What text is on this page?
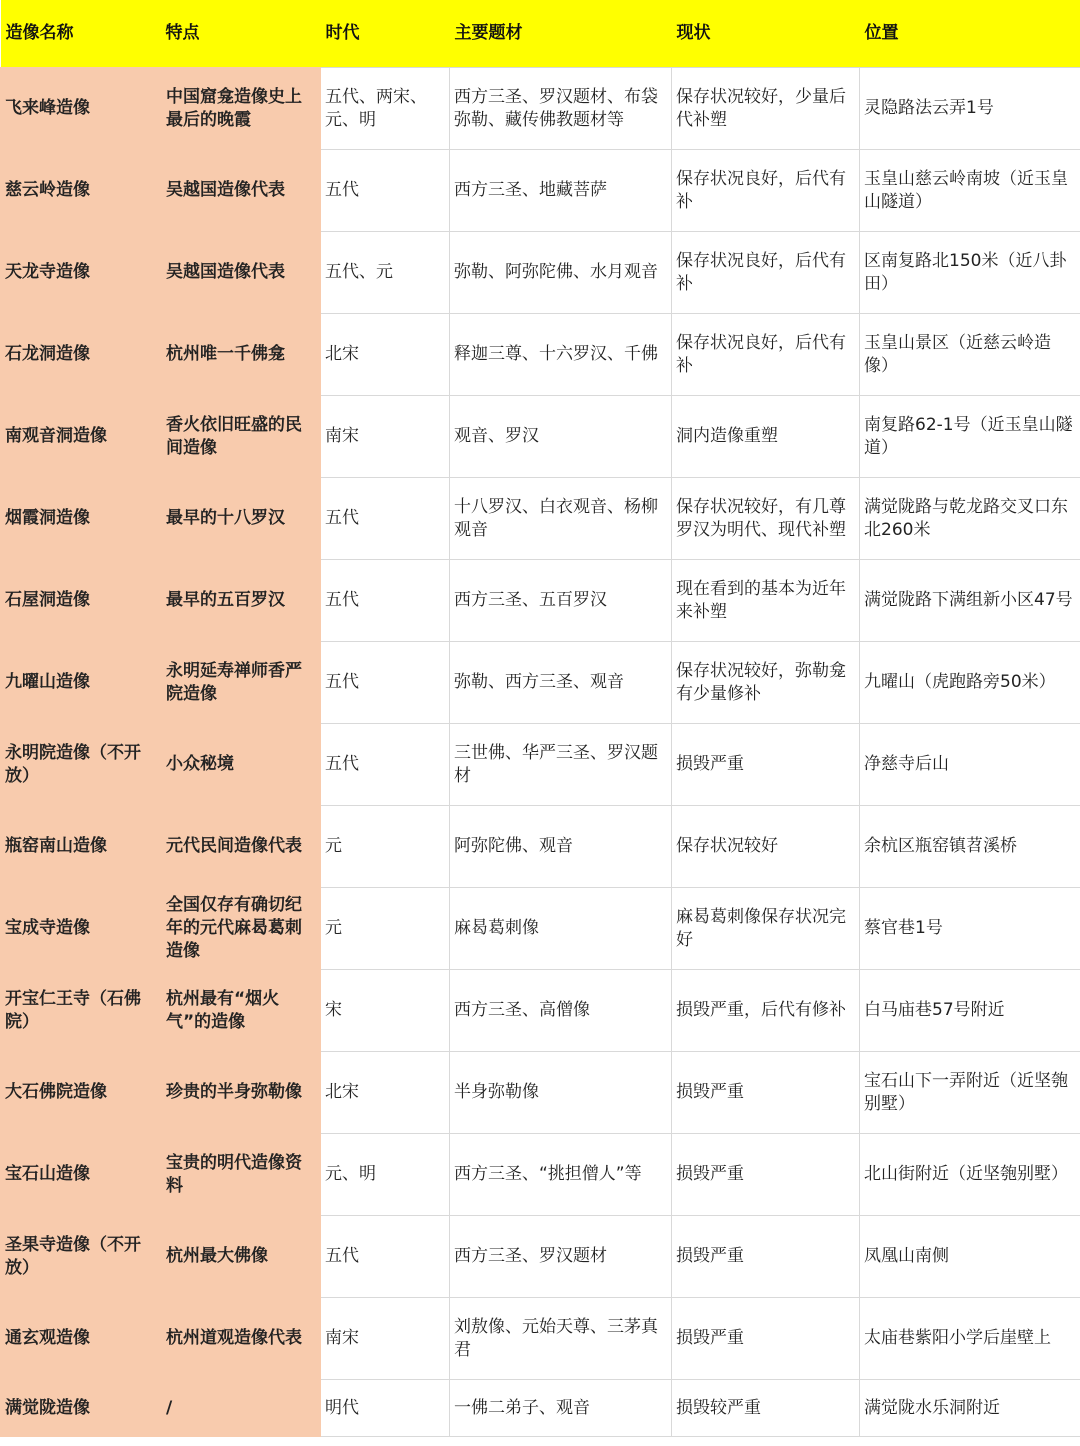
造像名称	特点	时代	主要题材	现状	位置
飞来峰造像	中国窟龛造像史上最后的晚霞	五代、两宋、元、明	西方三圣、罗汉题材、布袋弥勒、藏传佛教题材等	保存状况较好，少量后代补塑	灵隐路法云弄1号
慈云岭造像	吴越国造像代表	五代	西方三圣、地藏菩萨	保存状况良好，后代有补	玉皇山慈云岭南坡（近玉皇山隧道）
天龙寺造像	吴越国造像代表	五代、元	弥勒、阿弥陀佛、水月观音	保存状况良好，后代有补	区南复路北150米（近八卦田）
石龙洞造像	杭州唯一千佛龛	北宋	释迦三尊、十六罗汉、千佛	保存状况良好，后代有补	玉皇山景区（近慈云岭造像）
南观音洞造像	香火依旧旺盛的民间造像	南宋	观音、罗汉	洞内造像重塑	南复路62-1号（近玉皇山隧道）
烟霞洞造像	最早的十八罗汉	五代	十八罗汉、白衣观音、杨柳观音	保存状况较好，有几尊罗汉为明代、现代补塑	满觉陇路与乾龙路交叉口东北260米
石屋洞造像	最早的五百罗汉	五代	西方三圣、五百罗汉	现在看到的基本为近年来补塑	满觉陇路下满组新小区47号
九曜山造像	永明延寿禅师香严院造像	五代	弥勒、西方三圣、观音	保存状况较好，弥勒龛有少量修补	九曜山（虎跑路旁50米）
永明院造像（不开放）	小众秘境	五代	三世佛、华严三圣、罗汉题材	损毁严重	净慈寺后山
瓶窑南山造像	元代民间造像代表	元	阿弥陀佛、观音	保存状况较好	余杭区瓶窑镇苕溪桥
宝成寺造像	全国仅存有确切纪年的元代麻曷葛刺造像	元	麻曷葛刺像	麻曷葛刺像保存状况完好	蔡官巷1号
开宝仁王寺（石佛院）	杭州最有“烟火气”的造像	宋	西方三圣、高僧像	损毁严重，后代有修补	白马庙巷57号附近
大石佛院造像	珍贵的半身弥勒像	北宋	半身弥勒像	损毁严重	宝石山下一弄附近（近坚匏别墅）
宝石山造像	宝贵的明代造像资料	元、明	西方三圣、“挑担僧人”等	损毁严重	北山街附近（近坚匏别墅）
圣果寺造像（不开放）	杭州最大佛像	五代	西方三圣、罗汉题材	损毁严重	凤凰山南侧
通玄观造像	杭州道观造像代表	南宋	刘敖像、元始天尊、三茅真君	损毁严重	太庙巷紫阳小学后崖壁上
满觉陇造像	/	明代	一佛二弟子、观音	损毁较严重	满觉陇水乐洞附近
